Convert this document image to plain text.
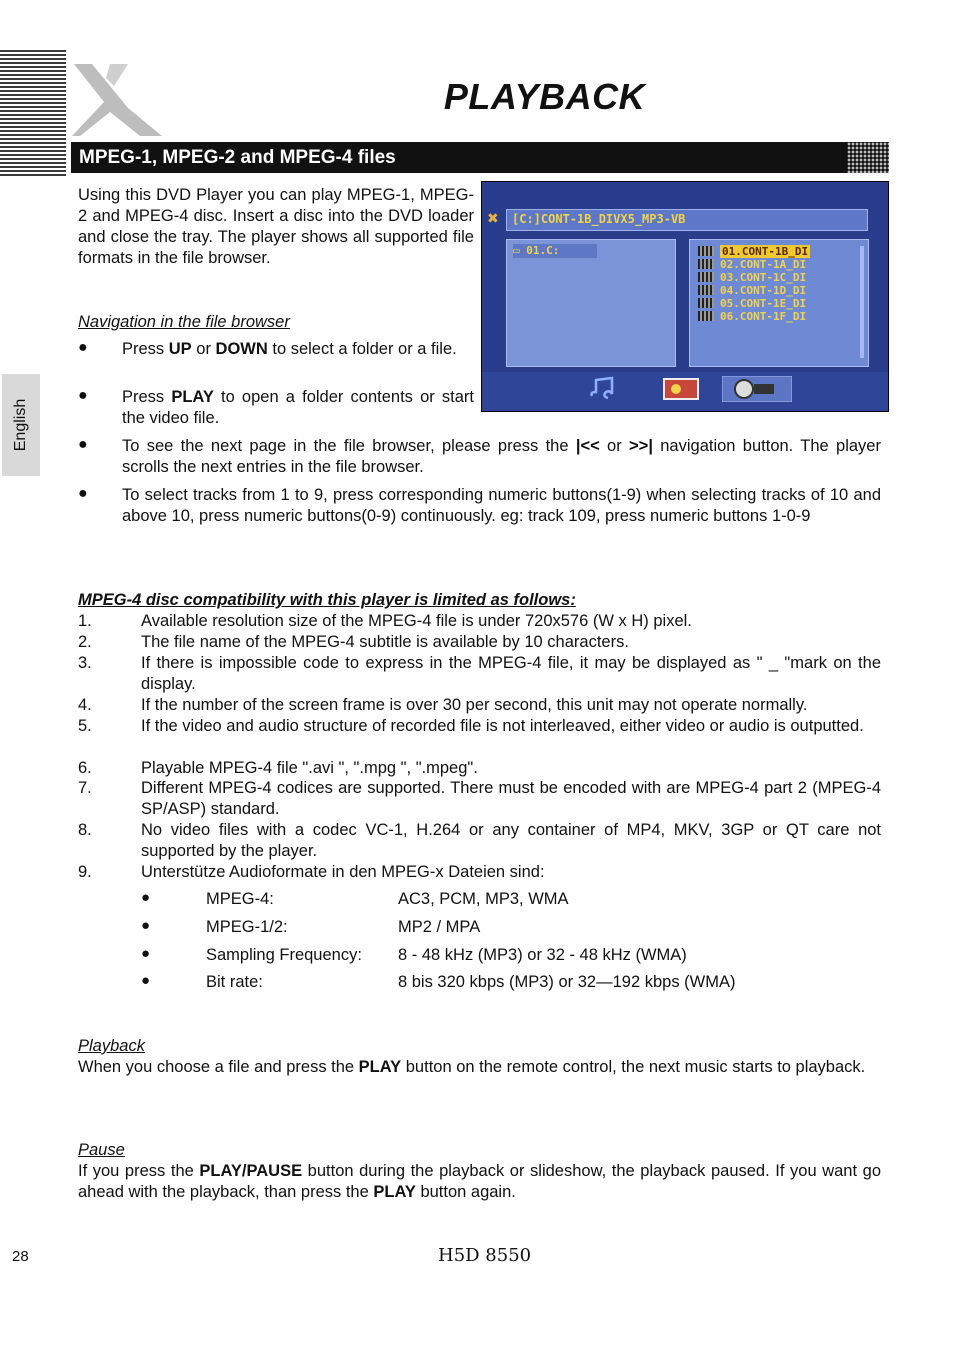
PLAYBACK
MPEG-1, MPEG-2 and MPEG-4 files
English

Using this DVD Player you can play MPEG-1, MPEG-2 and MPEG-4 disc. Insert a disc into the DVD loader and close the tray. The player shows all supported file formats in the file browser.

✖ [C:]CONT-1B_DIVX5_MP3-VB
▭ 01.C:	01.CONT-1B_DI
02.CONT-1A_DI
03.CONT-1C_DI
04.CONT-1D_DI
05.CONT-1E_DI
06.CONT-1F_DI
Navigation in the file browser
● Press UP or DOWN to select a folder or a file.
● Press PLAY to open a folder contents or start the video file.
● To see the next page in the file browser, please press the |<< or >>| navigation button. The player scrolls the next entries in the file browser.
● To select tracks from 1 to 9, press corresponding numeric buttons(1-9) when selecting tracks of 10 and above 10, press numeric buttons(0-9) continuously. eg: track 109, press numeric buttons 1-0-9
MPEG-4 disc compatibility with this player is limited as follows:
1.	Available resolution size of the MPEG-4 file is under 720x576 (W x H) pixel.
2.	The file name of the MPEG-4 subtitle is available by 10 characters.
3.	If there is impossible code to express in the MPEG-4 file, it may be displayed as " _ "mark on the display.
4.	If the number of the screen frame is over 30 per second, this unit may not operate normally.
5.	If the video and audio structure of recorded file is not interleaved, either video or audio is outputted.
6.	Playable MPEG-4 file ".avi ", ".mpg ", ".mpeg".
7.	Different MPEG-4 codices are supported. There must be encoded with are MPEG-4 part 2 (MPEG-4 SP/ASP) standard.
8.	No video files with a codec VC-1, H.264 or any container of MP4, MKV, 3GP or QT care not supported by the player.
9.	Unterstütze Audioformate in den MPEG-x Dateien sind:
●	MPEG-4:	AC3, PCM, MP3, WMA
●	MPEG-1/2:	MP2 / MPA
●	Sampling Frequency: 8 - 48 kHz (MP3) or 32 - 48 kHz (WMA)
●	Bit rate:	8 bis 320 kbps (MP3) or 32—192 kbps (WMA)
Playback
When you choose a file and press the PLAY button on the remote control, the next music starts to playback.
Pause
If you press the PLAY/PAUSE button during the playback or slideshow, the playback paused. If you want go ahead with the playback, than press the PLAY button again.
28	H5D 8550
